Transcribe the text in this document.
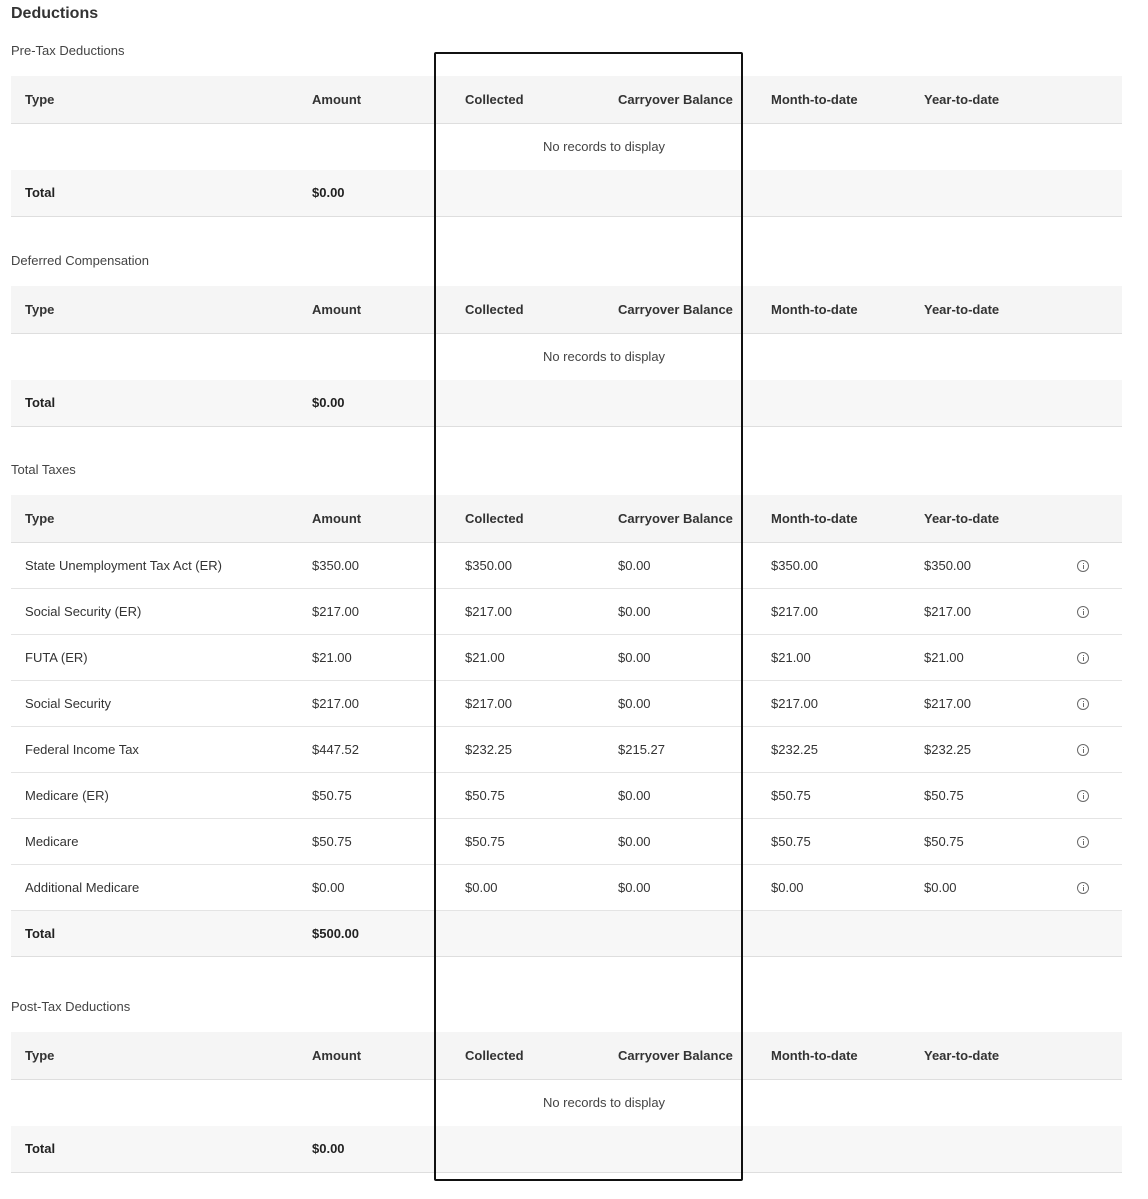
Deductions
Pre-Tax Deductions
Type	Amount	Collected	Carryover Balance	Month-to-date	Year-to-date	
		No records to display				
Total	$0.00					
Deferred Compensation
Type	Amount	Collected	Carryover Balance	Month-to-date	Year-to-date	
		No records to display				
Total	$0.00					
Total Taxes
Type	Amount	Collected	Carryover Balance	Month-to-date	Year-to-date	
State Unemployment Tax Act (ER)	$350.00	$350.00	$0.00	$350.00	$350.00	
Social Security (ER)	$217.00	$217.00	$0.00	$217.00	$217.00	
FUTA (ER)	$21.00	$21.00	$0.00	$21.00	$21.00	
Social Security	$217.00	$217.00	$0.00	$217.00	$217.00	
Federal Income Tax	$447.52	$232.25	$215.27	$232.25	$232.25	
Medicare (ER)	$50.75	$50.75	$0.00	$50.75	$50.75	
Medicare	$50.75	$50.75	$0.00	$50.75	$50.75	
Additional Medicare	$0.00	$0.00	$0.00	$0.00	$0.00	
Total	$500.00					
Post-Tax Deductions
Type	Amount	Collected	Carryover Balance	Month-to-date	Year-to-date	
		No records to display				
Total	$0.00					
